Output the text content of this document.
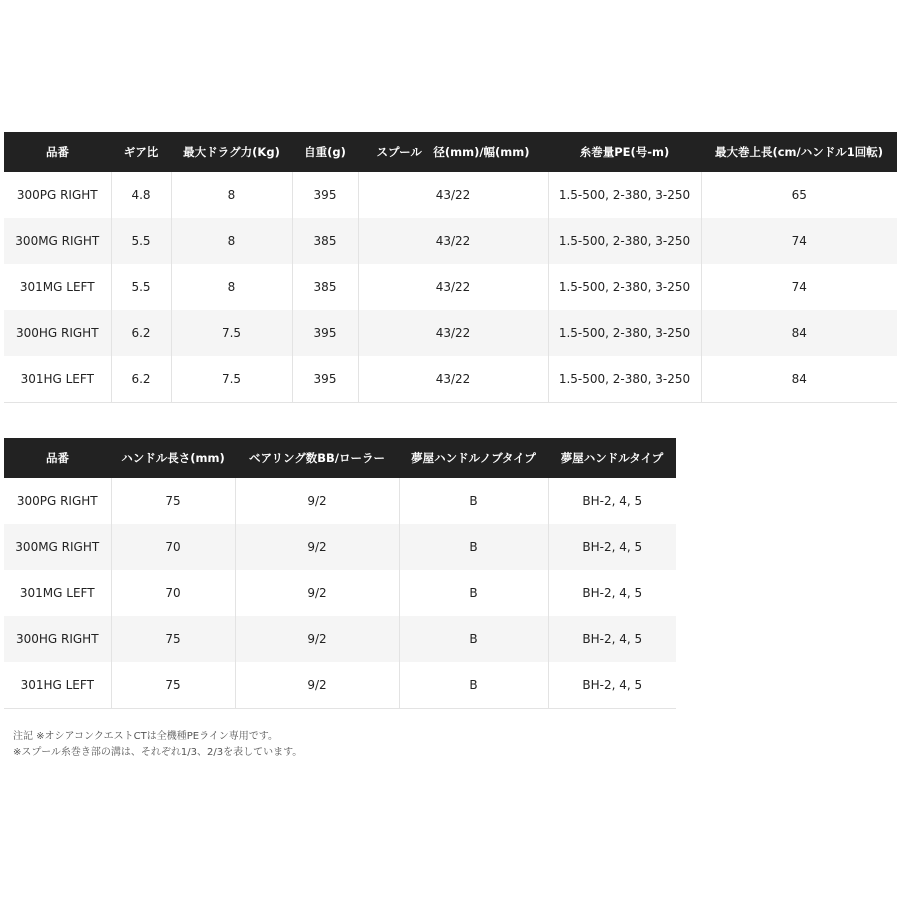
品番	ギア比	最大ドラグ力(Kg)	自重(g)	スプール　径(mm)/幅(mm)	糸巻量PE(号-m)	最大巻上長(cm/ハンドル1回転)
300PG RIGHT	4.8	8	395	43/22	1.5-500, 2-380, 3-250	65
300MG RIGHT	5.5	8	385	43/22	1.5-500, 2-380, 3-250	74
301MG LEFT	5.5	8	385	43/22	1.5-500, 2-380, 3-250	74
300HG RIGHT	6.2	7.5	395	43/22	1.5-500, 2-380, 3-250	84
301HG LEFT	6.2	7.5	395	43/22	1.5-500, 2-380, 3-250	84
品番	ハンドル長さ(mm)	ベアリング数BB/ローラー	夢屋ハンドルノブタイプ	夢屋ハンドルタイプ
300PG RIGHT	75	9/2	B	BH-2, 4, 5
300MG RIGHT	70	9/2	B	BH-2, 4, 5
301MG LEFT	70	9/2	B	BH-2, 4, 5
300HG RIGHT	75	9/2	B	BH-2, 4, 5
301HG LEFT	75	9/2	B	BH-2, 4, 5
注記 ※オシアコンクエストCTは全機種PEライン専用です。
※スプール糸巻き部の溝は、それぞれ1/3、2/3を表しています。
